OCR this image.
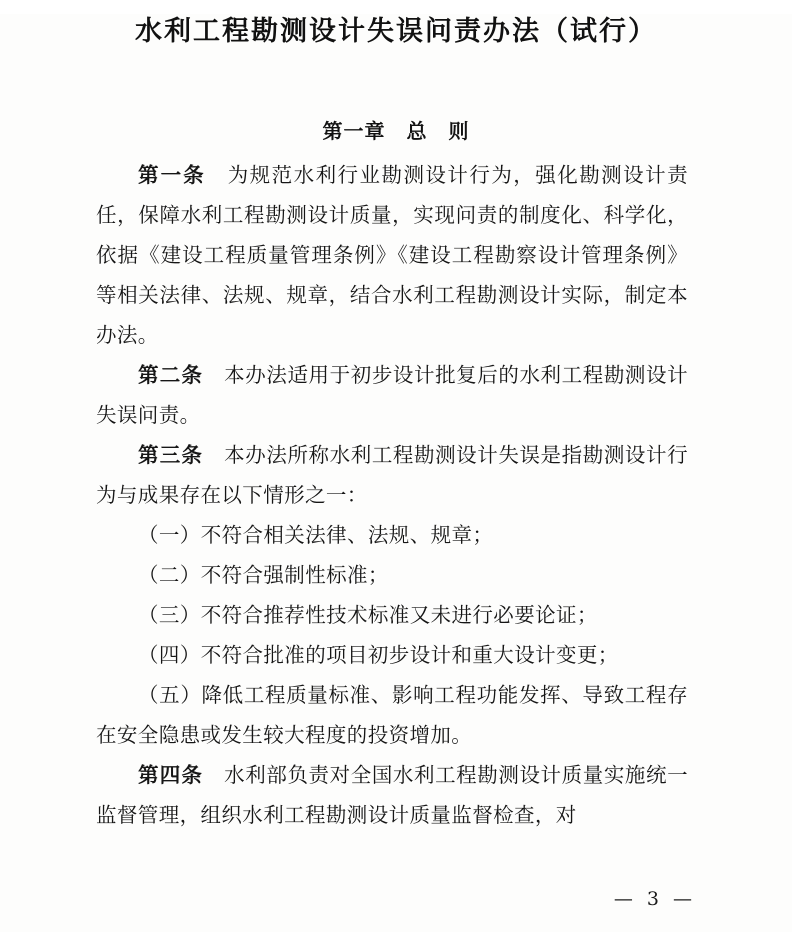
水利工程勘测设计失误问责办法（试行）
第一章　总　则

第一条　为规范水利行业勘测设计行为，强化勘测设计责任，保障水利工程勘测设计质量，实现问责的制度化、科学化，依据《建设工程质量管理条例》《建设工程勘察设计管理条例》等相关法律、法规、规章，结合水利工程勘测设计实际，制定本办法。

第二条　本办法适用于初步设计批复后的水利工程勘测设计失误问责。

第三条　本办法所称水利工程勘测设计失误是指勘测设计行为与成果存在以下情形之一：

（一）不符合相关法律、法规、规章；

（二）不符合强制性标准；

（三）不符合推荐性技术标准又未进行必要论证；

（四）不符合批准的项目初步设计和重大设计变更；

（五）降低工程质量标准、影响工程功能发挥、导致工程存在安全隐患或发生较大程度的投资增加。

第四条　水利部负责对全国水利工程勘测设计质量实施统一监督管理，组织水利工程勘测设计质量监督检查，对

— 3 —
